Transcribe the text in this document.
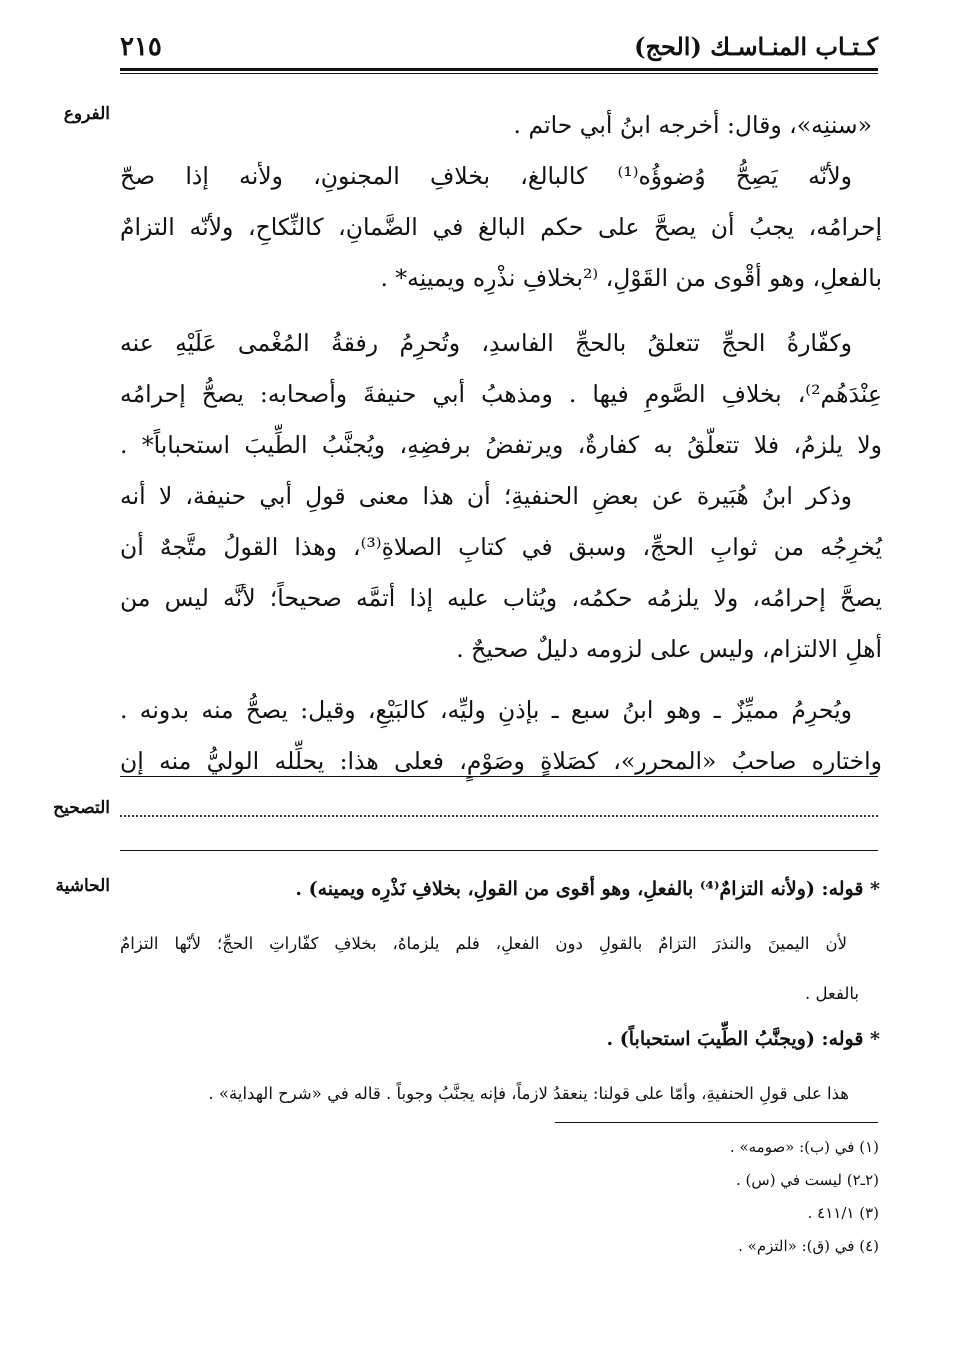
كـتـاب المنـاسـك (الحج)
٢١٥
الفروع
التصحيح
الحاشية
«سننِه»، وقال: أخرجه ابنُ أبي حاتم .
ولأنّه يَصِحُّ وُضوؤُه⁽¹⁾ كالبالغ، بخلافِ المجنونِ، ولأنه إذا صحّ
إحرامُه، يجبُ أن يصحَّ على حكم البالغ في الضَّمانِ، كالنِّكاحِ، ولأنّه التزامٌ
بالفعلِ، وهو أقْوى من القَوْلِ، ⁽²بخلافِ نذْرِه ويمينِه* .
وكفّارةُ الحجِّ تتعلقُ بالحجِّ الفاسدِ، وتُحرِمُ رفقةُ المُغْمى عَلَيْهِ عنه
عِنْدَهُم²⁾، بخلافِ الصَّومِ فيها . ومذهبُ أبي حنيفةَ وأصحابه: يصحُّ إحرامُه
ولا يلزمُ، فلا تتعلّقُ به كفارةٌ، ويرتفضُ برفضِهِ، ويُجنَّبُ الطِّيبَ استحباباً* .
وذكر ابنُ هُبَيرة عن بعضِ الحنفيةِ؛ أن هذا معنى قولِ أبي حنيفة، لا أنه
يُخرِجُه من ثوابِ الحجِّ، وسبق في كتابِ الصلاةِ⁽³⁾، وهذا القولُ متَّجهٌ أن
يصحَّ إحرامُه، ولا يلزمُه حكمُه، ويُثاب عليه إذا أتمَّه صحيحاً؛ لأنَّه ليس من
أهلِ الالتزام، وليس على لزومه دليلٌ صحيحٌ .
ويُحرِمُ مميِّزٌ ـ وهو ابنُ سبع ـ بإذنِ وليِّه، كالبَيْعِ، وقيل: يصحُّ منه بدونه .
واختاره صاحبُ «المحرر»، كصَلاةٍ وصَوْمٍ، فعلى هذا: يحلِّله الوليُّ منه إن
* قوله: (ولأنه التزامٌ⁽⁴⁾ بالفعلِ، وهو أقوى من القولِ، بخلافِ نَذْرِه ويمينه) .
لأن اليمينَ والنذرَ التزامٌ بالقولِ دون الفعلِ، فلم يلزماهُ، بخلافِ كفّاراتِ الحجِّ؛ لأنّها التزامٌ
بالفعل .
* قوله: (ويجنَّبُ الطِّيبَ استحباباً) .
هذا على قولِ الحنفيةِ، وأمّا على قولنا: ينعقدُ لازماً، فإنه يجنَّبُ وجوباً . قاله في «شرح الهداية» .
(١) في (ب): «صومه» .
(٢ـ٢) ليست في (س) .
(٣) ٤١١/١ .
(٤) في (ق): «التزم» .
